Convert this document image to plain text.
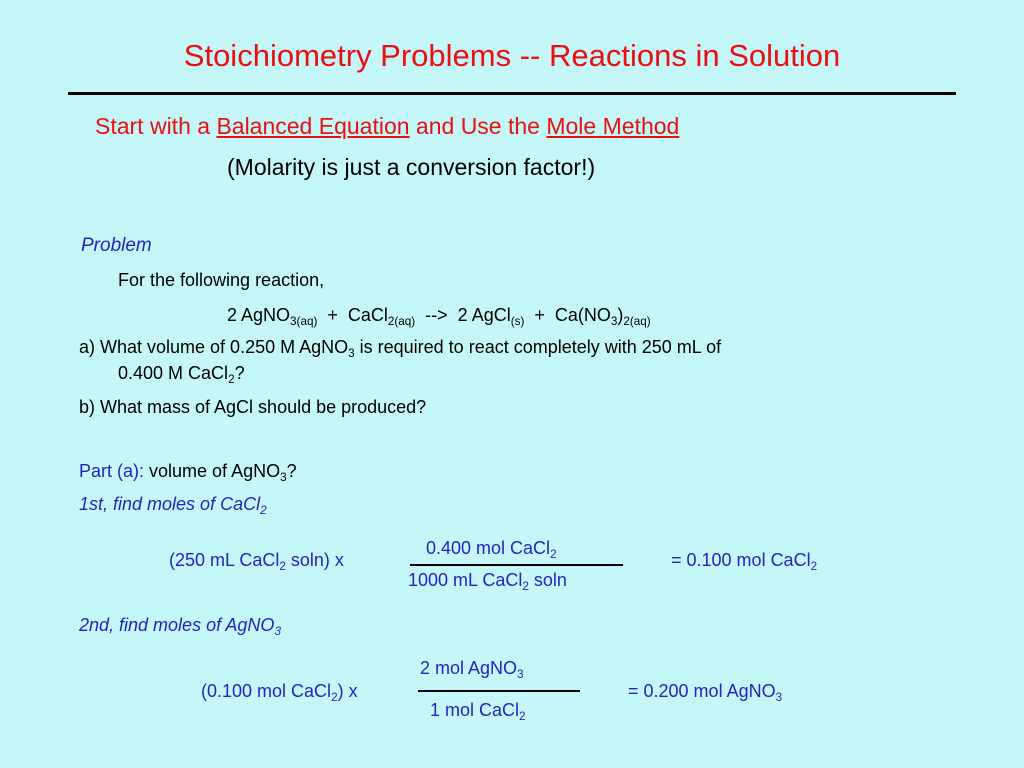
Stoichiometry Problems -- Reactions in Solution
Start with a Balanced Equation and Use the Mole Method
(Molarity is just a conversion factor!)
Problem
For the following reaction,
2 AgNO$_{3(aq)}$  +  CaCl$_{2(aq)}$  -->  2 AgCl$_{(s)}$  +  $Ca(NO_3)_{2(aq)}$
a) What volume of 0.250 M AgNO$_3$ is required to react completely with 250 mL of
0.400 M CaCl$_2$?
b) What mass of AgCl should be produced?
Part (a): volume of AgNO$_3$?
1st, find moles of CaCl$_2$
(250 mL CaCl$_2$ soln) x
0.400 mol CaCl$_2$
1000 mL CaCl$_2$ soln
= 0.100 mol CaCl$_2$
2nd, find moles of AgNO$_3$
(0.100 mol CaCl$_2$) x
2 mol AgNO$_3$
1 mol CaCl$_2$
= 0.200 mol AgNO$_3$
